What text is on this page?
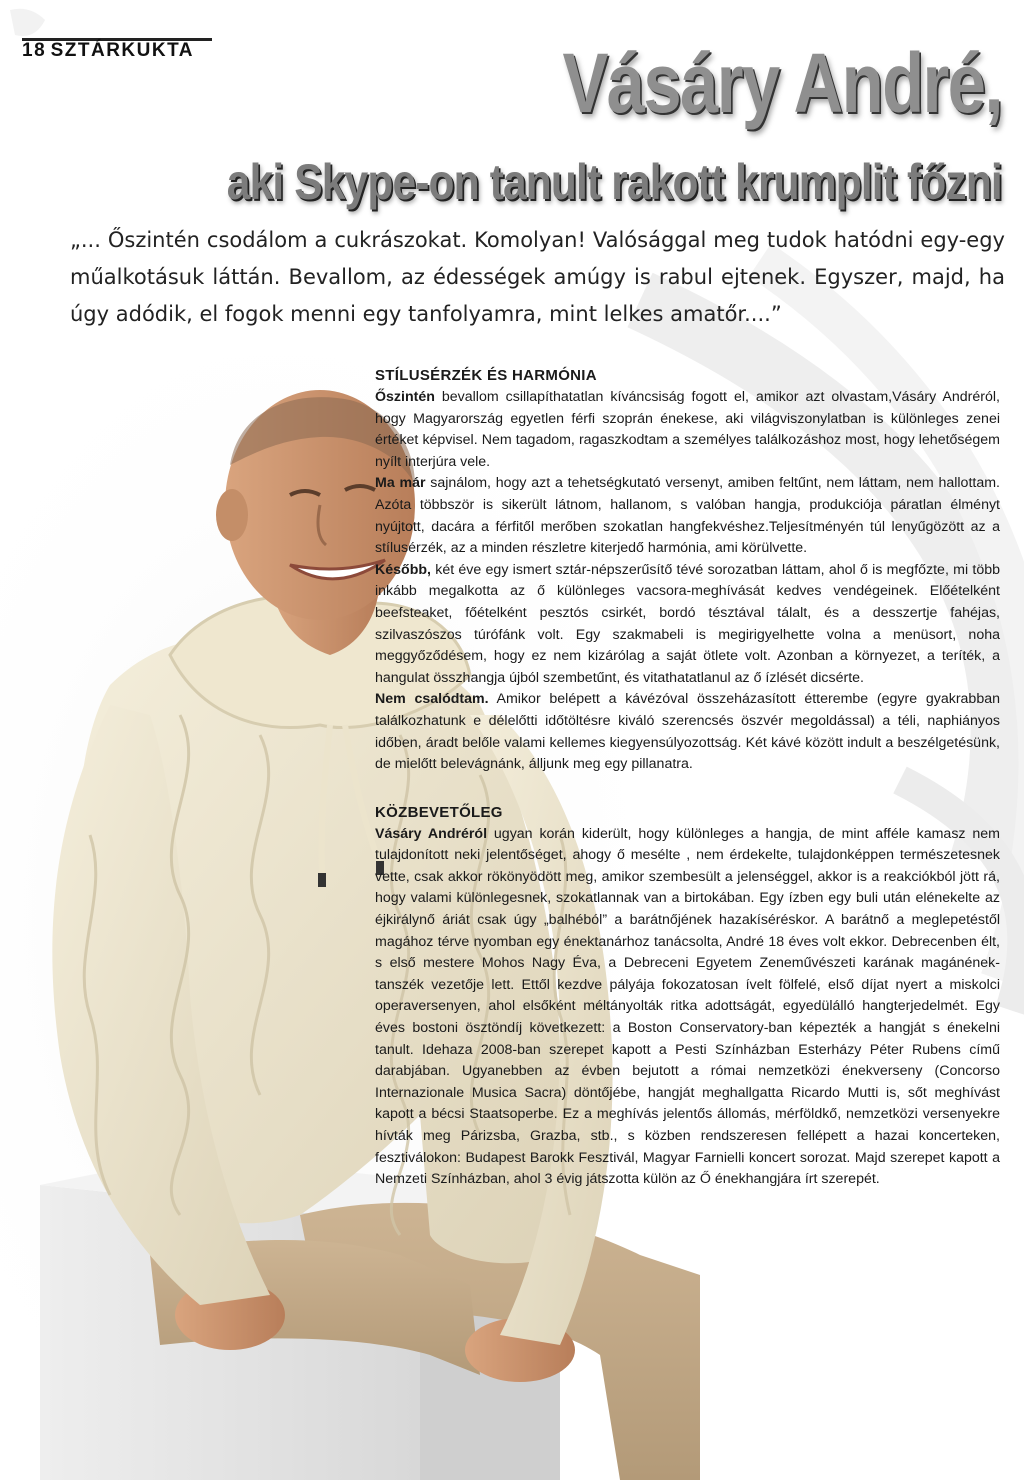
18 SZTÁRKUKTA	Vásáry André,
aki Skype-on tanult rakott krumplit főzni
„... Őszintén csodálom a cukrászokat. Komolyan! Valósággal meg tudok hatódni egy-egy műalkotásuk láttán. Bevallom, az édességek amúgy is rabul ejtenek. Egyszer, majd, ha úgy adódik, el fogok menni egy tanfolyamra, mint lelkes amatőr....”
STÍLUSÉRZÉK ÉS HARMÓNIA

Őszintén bevallom csillapíthatatlan kíváncsiság fogott el, amikor azt olvastam,Vásáry Andréról, hogy Magyarország egyetlen férfi szoprán énekese, aki világviszonylatban is különleges zenei értéket képvisel. Nem tagadom, ragaszkodtam a személyes találkozáshoz most, hogy lehetőségem nyílt interjúra vele.

Ma már sajnálom, hogy azt a tehetségkutató versenyt, amiben feltűnt, nem láttam, nem hallottam. Azóta többször is sikerült látnom, hallanom, s valóban hangja, produkciója páratlan élményt nyújtott, dacára a férfitől merőben szokatlan hangfekvéshez.Teljesítményén túl lenyűgözött az a stílusérzék, az a minden részletre kiterjedő harmónia, ami körülvette.

Később, két éve egy ismert sztár-népszerűsítő tévé sorozatban láttam, ahol ő is megfőzte, mi több inkább megalkotta az ő különleges vacsora-meghívását kedves vendégeinek. Előételként beefsteaket, főételként pesztós csirkét, bordó tésztával tálalt, és a desszertje fahéjas, szilvaszószos túrófánk volt. Egy szakmabeli is megirigyelhette volna a menüsort, noha meggyőződésem, hogy ez nem kizárólag a saját ötlete volt. Azonban a környezet, a teríték, a hangulat összhangja újból szembetűnt, és vitathatatlanul az ő ízlését dicsérte.

Nem csalódtam. Amikor belépett a kávézóval összeházasított étterembe (egyre gyakrabban találkozhatunk e délelőtti időtöltésre kiváló szerencsés öszvér megoldással) a téli, naphiányos időben, áradt belőle valami kellemes kiegyensúlyozottság. Két kávé között indult a beszélgetésünk, de mielőtt belevágnánk, álljunk meg egy pillanatra.

KÖZBEVETŐLEG

Vásáry Andréról ugyan korán kiderült, hogy különleges a hangja, de mint afféle kamasz nem tulajdonított neki jelentőséget, ahogy ő mesélte , nem érdekelte, tulajdonképpen természetesnek vette, csak akkor rökönyödött meg, amikor szembesült a jelenséggel, akkor is a reakciókból jött rá, hogy valami különlegesnek, szokatlannak van a birtokában. Egy ízben egy buli után elénekelte az éjkirálynő áriát csak úgy „balhéból” a barátnőjének hazakíséréskor. A barátnő a meglepetéstől magához térve nyomban egy énektanárhoz tanácsolta, André 18 éves volt ekkor. Debrecenben élt, s első mestere Mohos Nagy Éva, a Debreceni Egyetem Zeneművészeti karának magánének-tanszék vezetője lett. Ettől kezdve pályája fokozatosan ívelt fölfelé, első díjat nyert a miskolci operaversenyen, ahol elsőként méltányolták ritka adottságát, egyedülálló hangterjedelmét. Egy éves bostoni ösztöndíj következett: a Boston Conservatory-ban képezték a hangját s énekelni tanult. Idehaza 2008-ban szerepet kapott a Pesti Színházban Esterházy Péter Rubens című darabjában. Ugyanebben az évben bejutott a római nemzetközi énekverseny (Concorso Internazionale Musica Sacra) döntőjébe, hangját meghallgatta Ricardo Mutti is, sőt meghívást kapott a bécsi Staatsoperbe. Ez a meghívás jelentős állomás, mérföldkő, nemzetközi versenyekre hívták meg Párizsba, Grazba, stb., s közben rendszeresen fellépett a hazai koncerteken, fesztiválokon: Budapest Barokk Fesztivál, Magyar Farnielli koncert sorozat. Majd szerepet kapott a Nemzeti Színházban, ahol 3 évig játszotta külön az Ő énekhangjára írt szerepét.
